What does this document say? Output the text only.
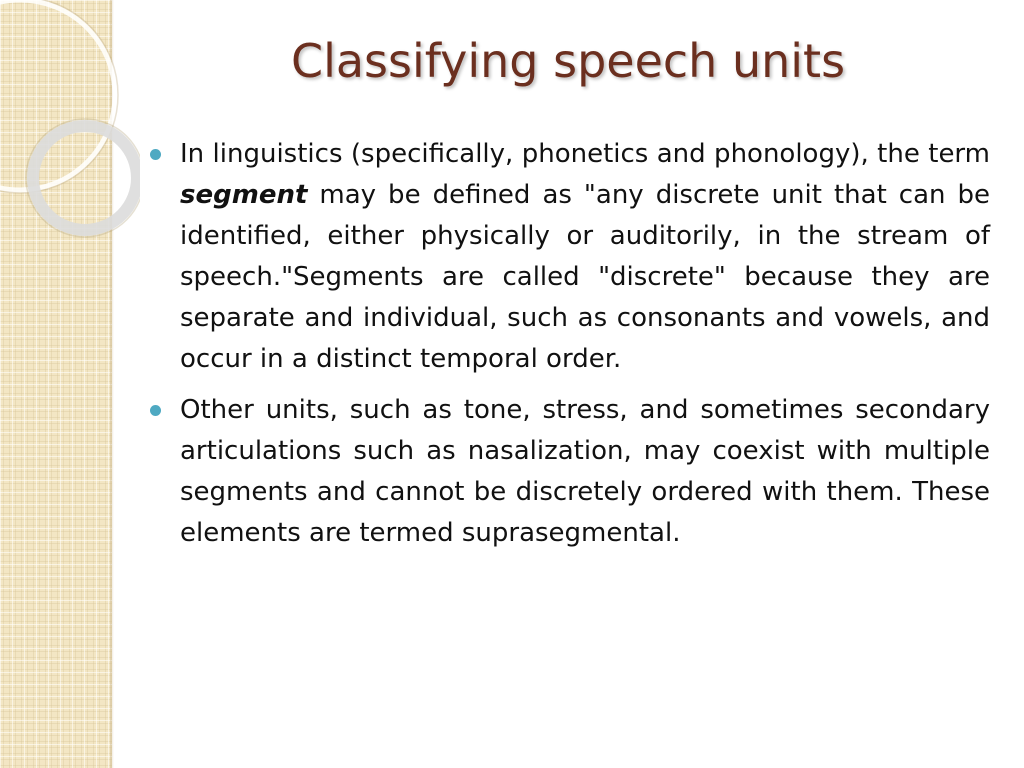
Classifying speech units
In linguistics (specifically, phonetics and phonology), the term segment may be defined as "any discrete unit that can be identified, either physically or auditorily, in the stream of speech."Segments are called "discrete" because they are separate and individual, such as consonants and vowels, and occur in a distinct temporal order.
Other units, such as tone, stress, and sometimes secondary articulations such as nasalization, may coexist with multiple segments and cannot be discretely ordered with them. These elements are termed suprasegmental.
